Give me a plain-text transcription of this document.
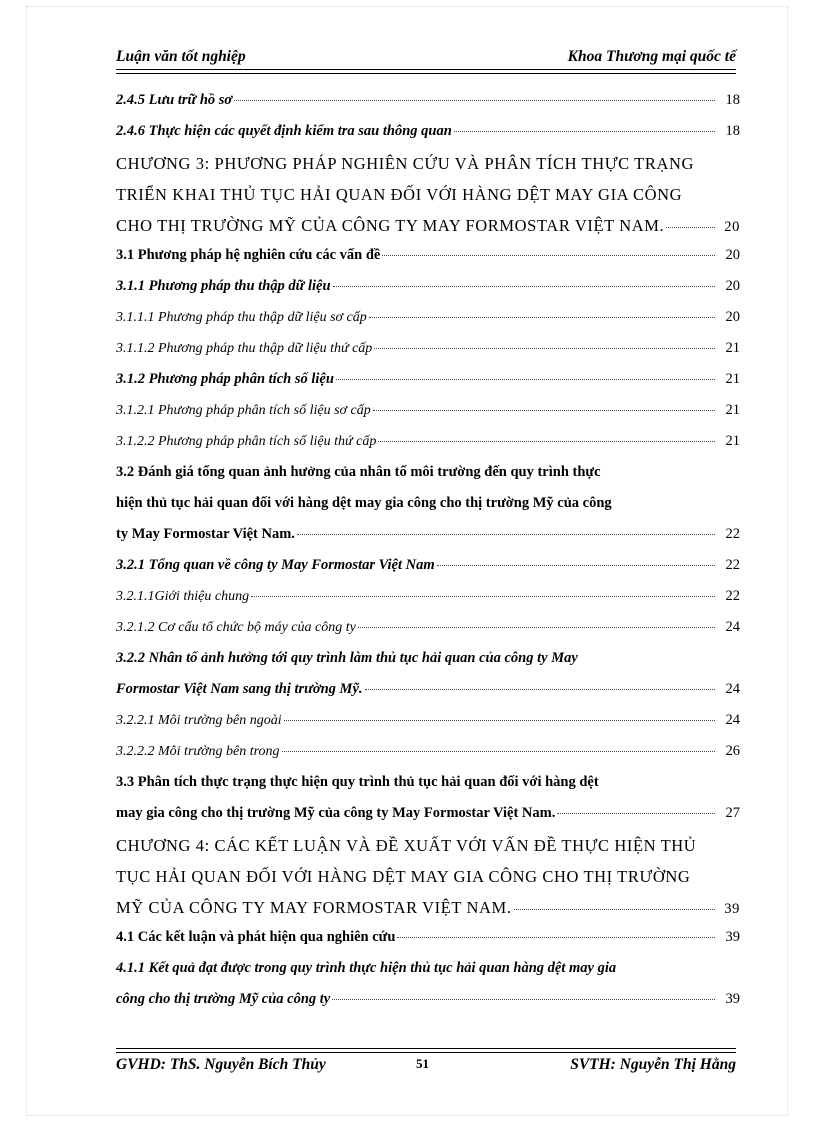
Luận văn tốt nghiệp	Khoa Thương mại quốc tế
2.4.5 Lưu trữ hồ sơ	18
2.4.6 Thực hiện các quyết định kiểm tra sau thông quan	18
CHƯƠNG 3: PHƯƠNG PHÁP NGHIÊN CỨU VÀ PHÂN TÍCH THỰC TRẠNG
TRIỂN KHAI THỦ TỤC HẢI QUAN ĐỐI VỚI HÀNG DỆT MAY GIA CÔNG
CHO THỊ TRƯỜNG MỸ CỦA CÔNG TY MAY FORMOSTAR VIỆT NAM.	20
3.1 Phương pháp hệ nghiên cứu các vấn đề	20
3.1.1 Phương pháp thu thập dữ liệu	20
3.1.1.1 Phương pháp thu thập dữ liệu sơ cấp	20
3.1.1.2 Phương pháp thu thập dữ liệu thứ cấp	21
3.1.2 Phương pháp phân tích số liệu	21
3.1.2.1 Phương pháp phân tích số liệu sơ cấp	21
3.1.2.2 Phương pháp phân tích số liệu thứ cấp	21
3.2 Đánh giá tổng quan ảnh hưởng của nhân tố môi trường đến quy trình thực
hiện thủ tục hải quan đối với hàng dệt may gia công cho thị trường Mỹ của công
ty May Formostar Việt Nam.	22
3.2.1 Tổng quan về công ty May Formostar Việt Nam	22
3.2.1.1Giới thiệu chung	22
3.2.1.2 Cơ cấu tổ chức bộ máy của công ty	24
3.2.2 Nhân tố ảnh hưởng tới quy trình làm thủ tục hải quan của công ty May
Formostar Việt Nam sang thị trường Mỹ.	24
3.2.2.1 Môi trường bên ngoài	24
3.2.2.2 Môi trường bên trong	26
3.3 Phân tích thực trạng thực hiện quy trình thủ tục hải quan đối với hàng dệt
may gia công cho thị trường Mỹ của công ty May Formostar Việt Nam.	27
CHƯƠNG 4: CÁC KẾT LUẬN VÀ ĐỀ XUẤT VỚI VẤN ĐỀ THỰC HIỆN THỦ
TỤC HẢI QUAN ĐỐI VỚI HÀNG DỆT MAY GIA CÔNG CHO THỊ TRƯỜNG
MỸ CỦA CÔNG TY MAY FORMOSTAR VIỆT NAM.	39
4.1 Các kết luận và phát hiện qua nghiên cứu	39
4.1.1 Kết quả đạt được trong quy trình thực hiện thủ tục hải quan hàng dệt may gia
công cho thị trường Mỹ của công ty	39
GVHD: ThS. Nguyễn Bích Thủy	51	SVTH: Nguyễn Thị Hằng
